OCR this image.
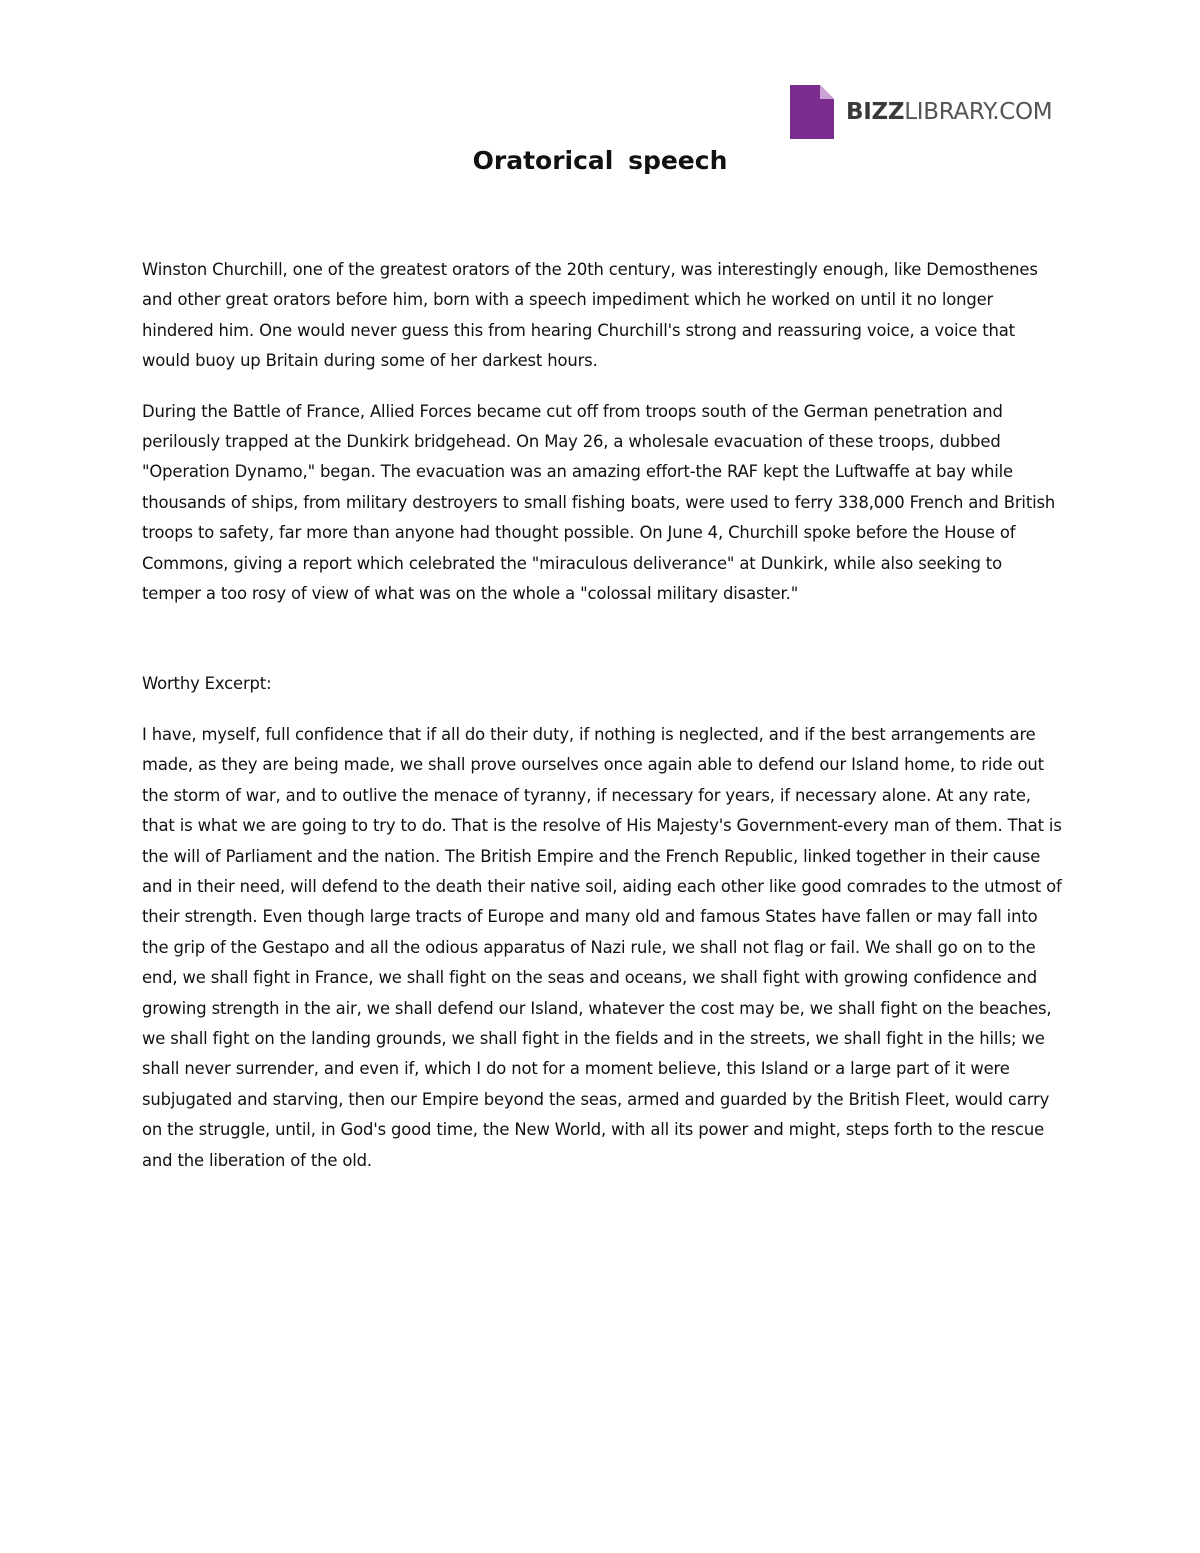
BIZZLIBRARY.COM
Oratorical speech

Winston Churchill, one of the greatest orators of the 20th century, was interestingly enough, like Demosthenes and other great orators before him, born with a speech impediment which he worked on until it no longer hindered him. One would never guess this from hearing Churchill's strong and reassuring voice, a voice that would buoy up Britain during some of her darkest hours.

During the Battle of France, Allied Forces became cut off from troops south of the German penetration and perilously trapped at the Dunkirk bridgehead. On May 26, a wholesale evacuation of these troops, dubbed "Operation Dynamo," began. The evacuation was an amazing effort-the RAF kept the Luftwaffe at bay while thousands of ships, from military destroyers to small fishing boats, were used to ferry 338,000 French and British troops to safety, far more than anyone had thought possible. On June 4, Churchill spoke before the House of Commons, giving a report which celebrated the "miraculous deliverance" at Dunkirk, while also seeking to temper a too rosy of view of what was on the whole a "colossal military disaster."

Worthy Excerpt:

I have, myself, full confidence that if all do their duty, if nothing is neglected, and if the best arrangements are made, as they are being made, we shall prove ourselves once again able to defend our Island home, to ride out the storm of war, and to outlive the menace of tyranny, if necessary for years, if necessary alone. At any rate, that is what we are going to try to do. That is the resolve of His Majesty's Government-every man of them. That is the will of Parliament and the nation. The British Empire and the French Republic, linked together in their cause and in their need, will defend to the death their native soil, aiding each other like good comrades to the utmost of their strength. Even though large tracts of Europe and many old and famous States have fallen or may fall into the grip of the Gestapo and all the odious apparatus of Nazi rule, we shall not flag or fail. We shall go on to the end, we shall fight in France, we shall fight on the seas and oceans, we shall fight with growing confidence and growing strength in the air, we shall defend our Island, whatever the cost may be, we shall fight on the beaches, we shall fight on the landing grounds, we shall fight in the fields and in the streets, we shall fight in the hills; we shall never surrender, and even if, which I do not for a moment believe, this Island or a large part of it were subjugated and starving, then our Empire beyond the seas, armed and guarded by the British Fleet, would carry on the struggle, until, in God's good time, the New World, with all its power and might, steps forth to the rescue and the liberation of the old.
